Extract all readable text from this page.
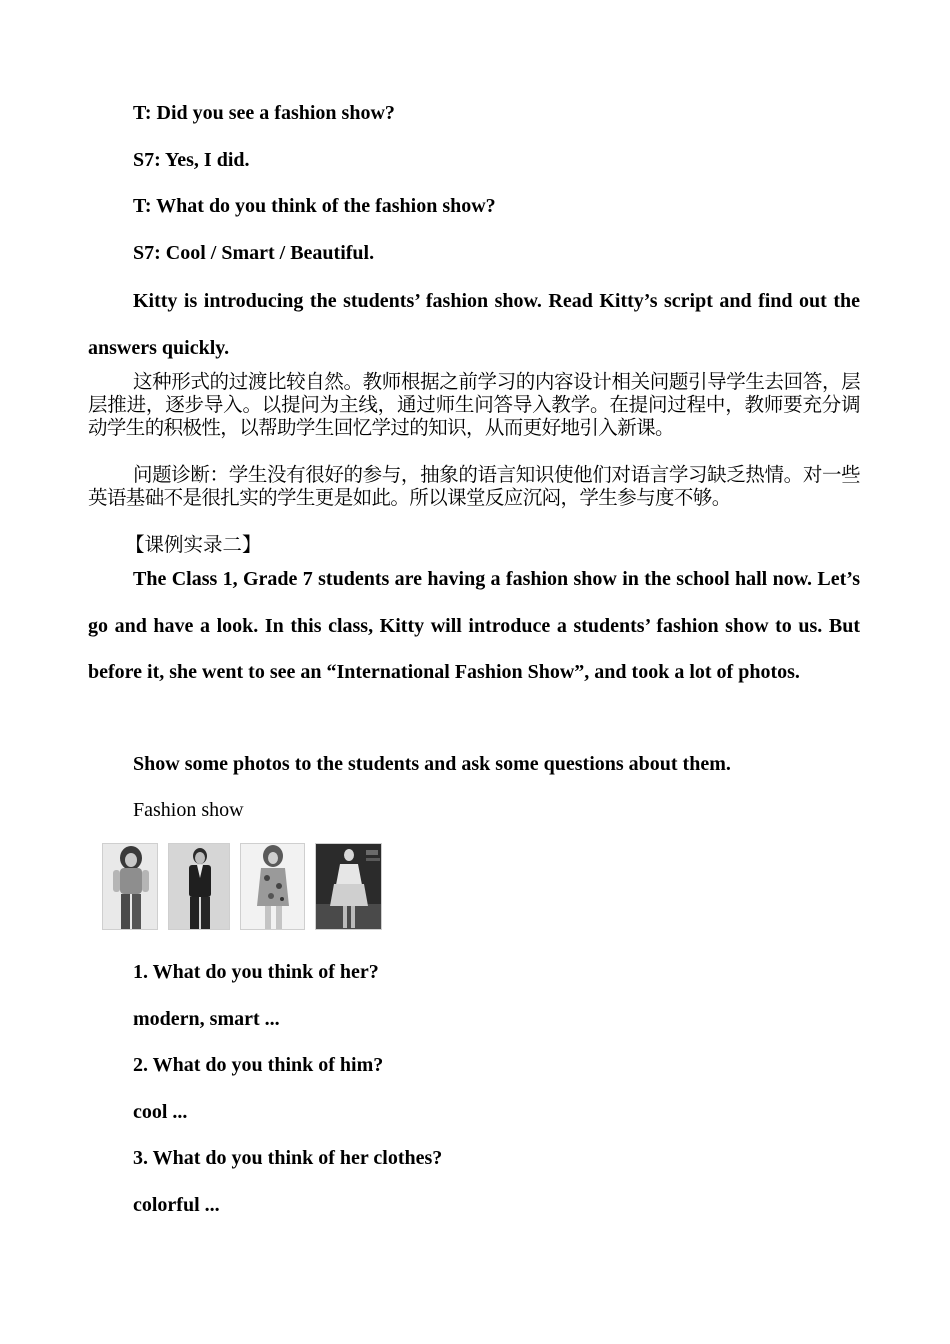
T: Did you see a fashion show?

S7: Yes, I did.

T: What do you think of the fashion show?

S7: Cool / Smart / Beautiful.

Kitty is introducing the students’ fashion show. Read Kitty’s script and find out the answers quickly.

这种形式的过渡比较自然。教师根据之前学习的内容设计相关问题引导学生去回答，层层推进，逐步导入。以提问为主线，通过师生问答导入教学。在提问过程中，教师要充分调动学生的积极性，以帮助学生回忆学过的知识，从而更好地引入新课。

问题诊断：学生没有很好的参与，抽象的语言知识使他们对语言学习缺乏热情。对一些英语基础不是很扎实的学生更是如此。所以课堂反应沉闷，学生参与度不够。

【课例实录二】

The Class 1, Grade 7 students are having a fashion show in the school hall now. Let’s go and have a look. In this class, Kitty will introduce a students’ fashion show to us. But before it, she went to see an “International Fashion Show”, and took a lot of photos.

Show some photos to the students and ask some questions about them.

Fashion show

1. What do you think of her?

modern, smart ...

2. What do you think of him?

cool ...

3. What do you think of her clothes?

colorful ...
